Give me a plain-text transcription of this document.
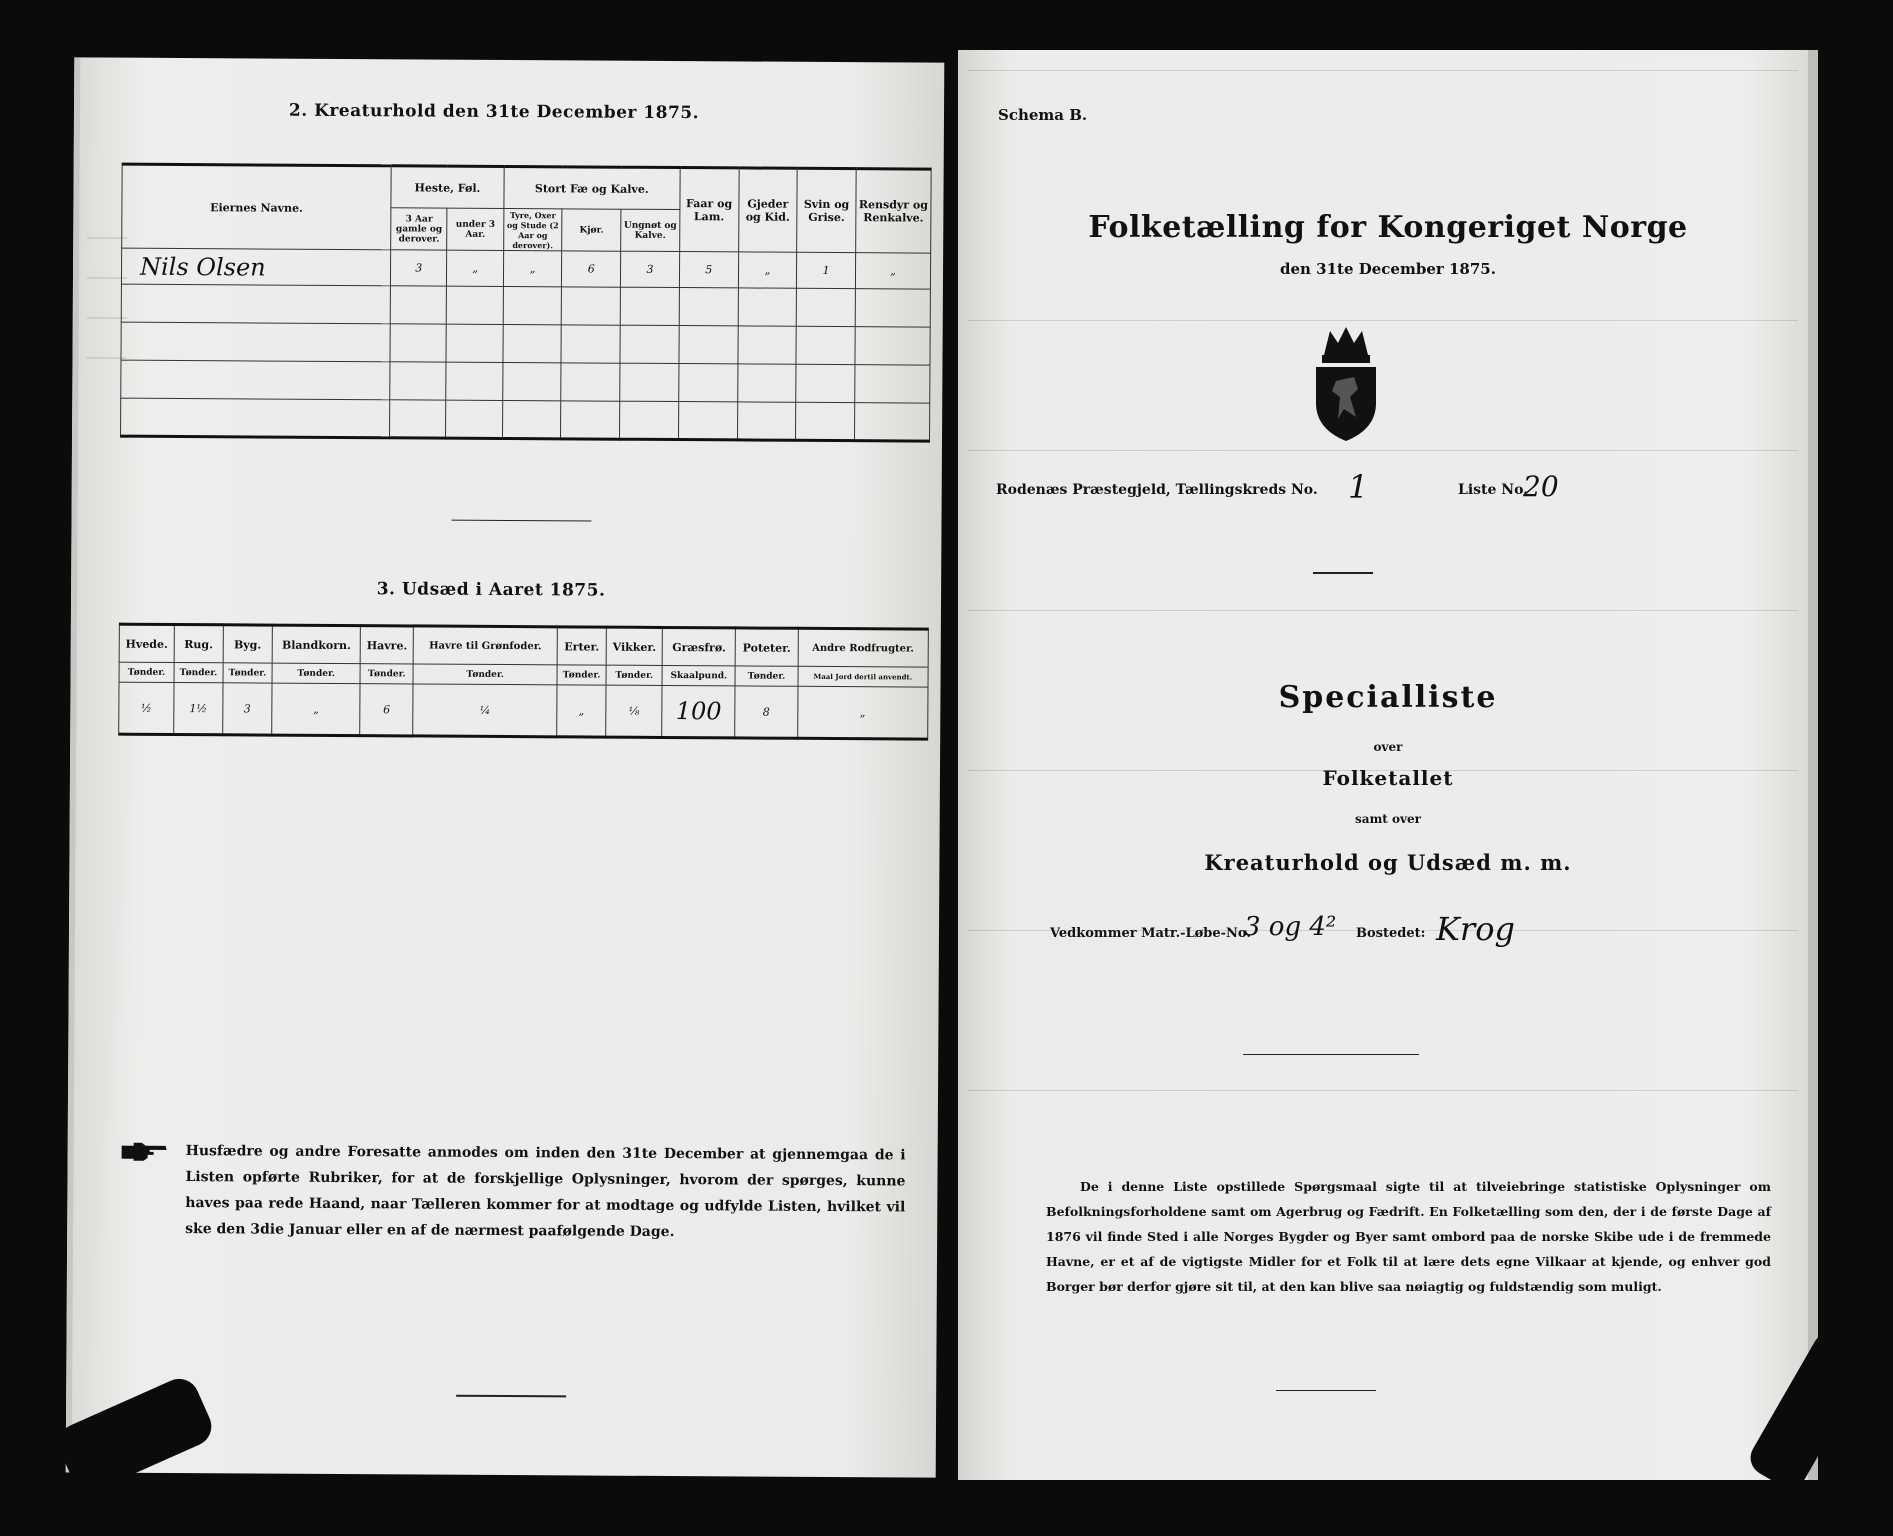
2. Kreaturhold den 31te December 1875.
Eiernes Navne.	Heste, Føl.		Stort Fæ og Kalve.			Faar og Lam.	Gjeder og Kid.	Svin og Grise.	Rensdyr og Renkalve.
	3 Aar gamle og derover.	under 3 Aar.	Tyre, Oxer og Stude (2 Aar og derover).	Kjør.	Ungnøt og Kalve.				
Nils Olsen	3	„	„	6	3	5	„	1	„

3. Udsæd i Aaret 1875.
Hvede.	Rug.	Byg.	Blandkorn.	Havre.	Havre til Grønfoder.	Erter.	Vikker.	Græsfrø.	Poteter.	Andre Rodfrugter.
Tønder.	Tønder.	Tønder.	Tønder.	Tønder.	Tønder.	Tønder.	Tønder.	Skaalpund.	Tønder.	Maal Jord dertil anvendt.
½	1½	3	„	6	¼	„	⅛	100	8	„
Husfædre og andre Foresatte anmodes om inden den 31te December at gjennemgaa de i Listen opførte Rubriker, for at de forskjellige Oplysninger, hvorom der spørges, kunne haves paa rede Haand, naar Tælleren kommer for at modtage og udfylde Listen, hvilket vil ske den 3die Januar eller en af de nærmest paafølgende Dage.
Schema B.
Folketælling for Kongeriget Norge
den 31te December 1875.
Rodenæs Præstegjeld, Tællingskreds No. 1	Liste No.
20
Specialliste
over
Folketallet
samt over
Kreaturhold og Udsæd m. m.
Vedkommer Matr.-Løbe-No.
3 og 4² Bostedet: Krog
De i denne Liste opstillede Spørgsmaal sigte til at tilveiebringe statistiske Oplysninger om Befolkningsforholdene samt om Agerbrug og Fædrift. En Folketælling som den, der i de første Dage af 1876 vil finde Sted i alle Norges Bygder og Byer samt ombord paa de norske Skibe ude i de fremmede Havne, er et af de vigtigste Midler for et Folk til at lære dets egne Vilkaar at kjende, og enhver god Borger bør derfor gjøre sit til, at den kan blive saa nøiagtig og fuldstændig som muligt.
